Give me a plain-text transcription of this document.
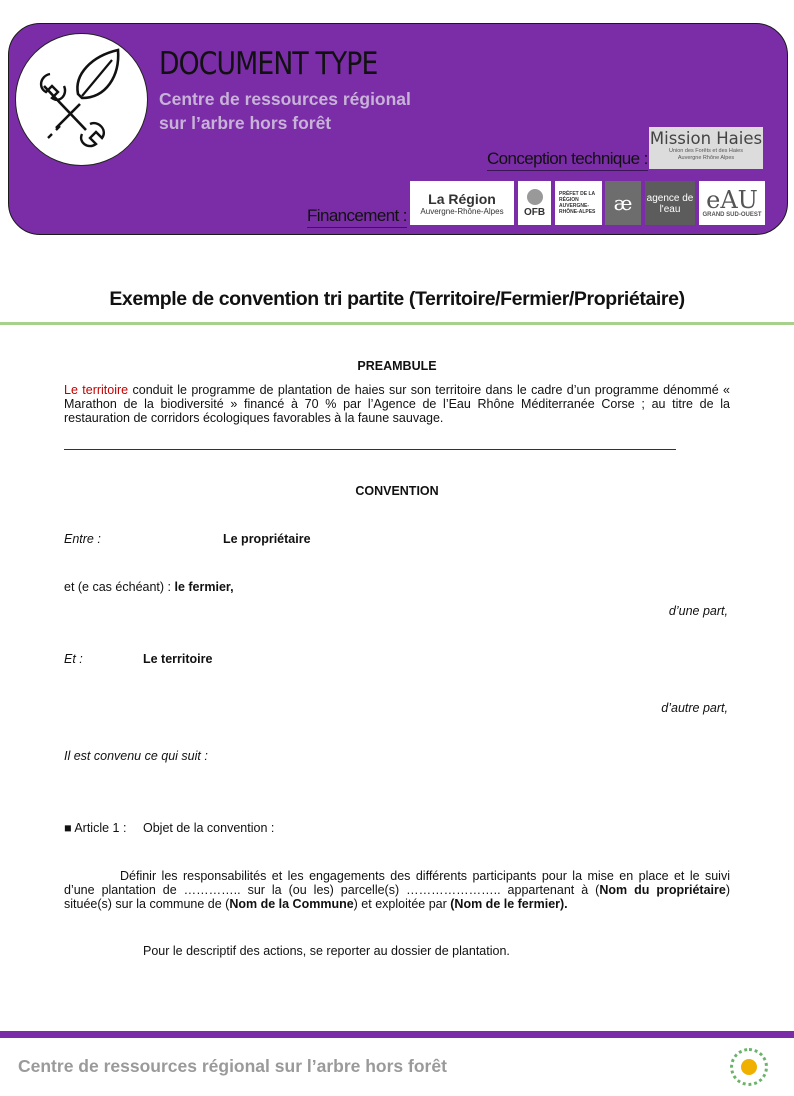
DOCUMENT TYPE
Centre de ressources régional
sur l’arbre hors forêt
Conception technique :
Mission Haies
Union des Forêts et des Haies
Auvergne Rhône Alpes
Financement :
La Région
Auvergne-Rhône-Alpes OFB
PRÉFET DE LA RÉGION AUVERGNE-RHÔNE-ALPES æ agence de l'eau	eAU
GRAND SUD-OUEST
Exemple de convention tri partite (Territoire/Fermier/Propriétaire)
PREAMBULE
Le territoire conduit le programme de plantation de haies sur son territoire dans le cadre d’un programme dénommé « Marathon de la biodiversité » financé à 70 % par l’Agence de l’Eau Rhône Méditerranée Corse ; au titre de la restauration de corridors écologiques favorables à la faune sauvage.
CONVENTION
Entre :	Le propriétaire
et (e cas échéant) : le fermier,
d’une part,
Et :	Le territoire
d’autre part,
Il est convenu ce qui suit :
■ Article 1 : Objet de la convention :
Définir les responsabilités et les engagements des différents participants pour la mise en place et le suivi d’une plantation de ………….. sur la (ou les) parcelle(s) ………………….. appartenant à (Nom du propriétaire) située(s) sur la commune de (Nom de la Commune) et exploitée par (Nom de le fermier).
Pour le descriptif des actions, se reporter au dossier de plantation.
Centre de ressources régional sur l’arbre hors forêt
